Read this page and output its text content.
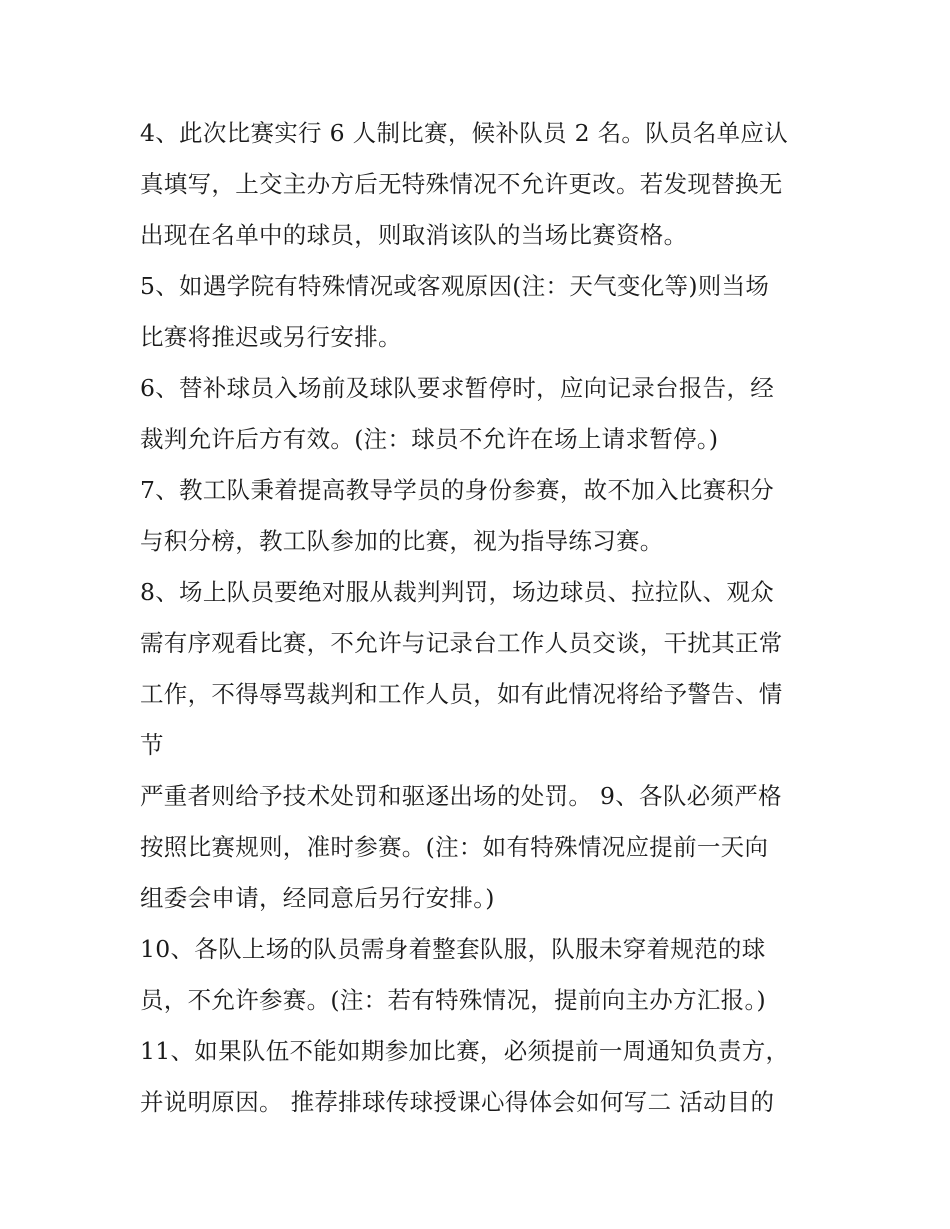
4、此次比赛实行 6 人制比赛，候补队员 2 名。队员名单应认
真填写，上交主办方后无特殊情况不允许更改。若发现替换无
出现在名单中的球员，则取消该队的当场比赛资格。
5、如遇学院有特殊情况或客观原因(注：天气变化等)则当场
比赛将推迟或另行安排。
6、替补球员入场前及球队要求暂停时，应向记录台报告，经
裁判允许后方有效。(注：球员不允许在场上请求暂停。)
7、教工队秉着提高教导学员的身份参赛，故不加入比赛积分
与积分榜，教工队参加的比赛，视为指导练习赛。
8、场上队员要绝对服从裁判判罚，场边球员、拉拉队、观众
需有序观看比赛，不允许与记录台工作人员交谈，干扰其正常
工作，不得辱骂裁判和工作人员，如有此情况将给予警告、情
节
严重者则给予技术处罚和驱逐出场的处罚。 9、各队必须严格
按照比赛规则，准时参赛。(注：如有特殊情况应提前一天向
组委会申请，经同意后另行安排。)
10、各队上场的队员需身着整套队服，队服未穿着规范的球
员，不允许参赛。(注：若有特殊情况，提前向主办方汇报。)
11、如果队伍不能如期参加比赛，必须提前一周通知负责方，
并说明原因。 推荐排球传球授课心得体会如何写二 活动目的
